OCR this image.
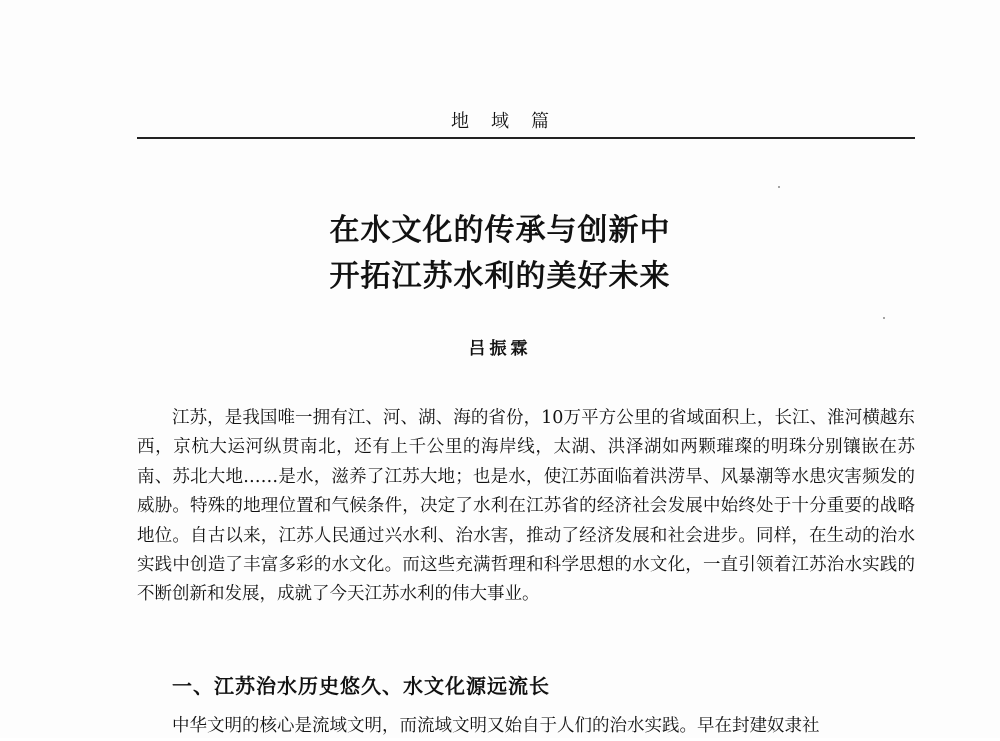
地域篇
在水文化的传承与创新中
开拓江苏水利的美好未来
吕振霖

江苏，是我国唯一拥有江、河、湖、海的省份，10万平方公里的省域面积上，长江、淮河横越东西，京杭大运河纵贯南北，还有上千公里的海岸线，太湖、洪泽湖如两颗璀璨的明珠分别镶嵌在苏南、苏北大地……是水，滋养了江苏大地；也是水，使江苏面临着洪涝旱、风暴潮等水患灾害频发的威胁。特殊的地理位置和气候条件，决定了水利在江苏省的经济社会发展中始终处于十分重要的战略地位。自古以来，江苏人民通过兴水利、治水害，推动了经济发展和社会进步。同样，在生动的治水实践中创造了丰富多彩的水文化。而这些充满哲理和科学思想的水文化，一直引领着江苏治水实践的不断创新和发展，成就了今天江苏水利的伟大事业。

一、江苏治水历史悠久、水文化源远流长

中华文明的核心是流域文明，而流域文明又始自于人们的治水实践。早在封建奴隶社
